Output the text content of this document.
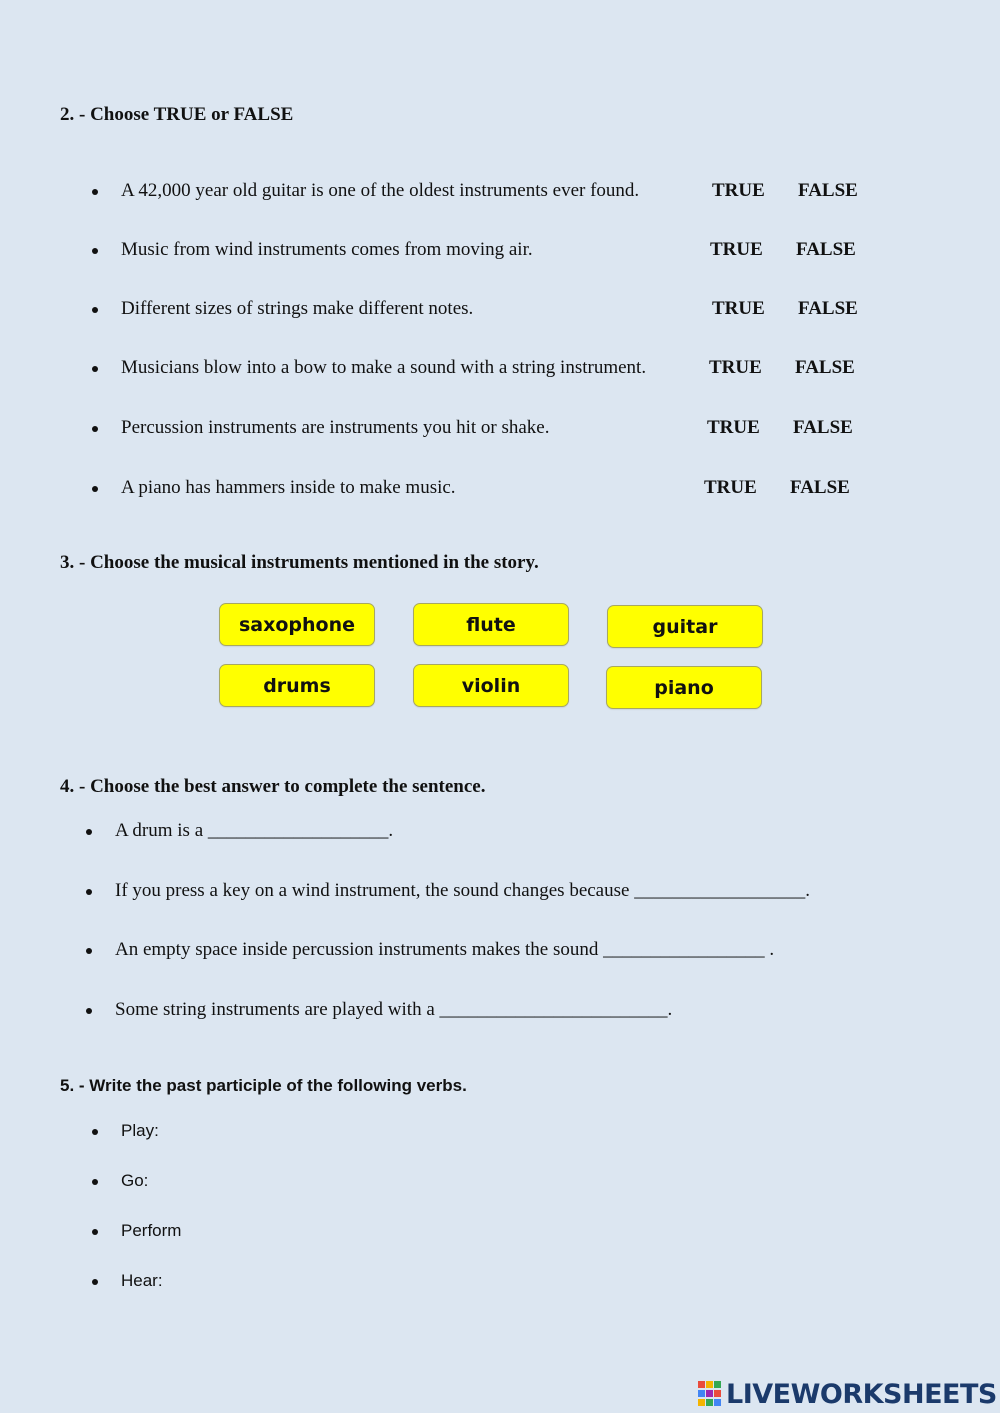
2. - Choose TRUE or FALSE
A 42,000 year old guitar is one of the oldest instruments ever found.	TRUE FALSE
Music from wind instruments comes from moving air.	TRUE FALSE
Different sizes of strings make different notes.	TRUE FALSE
Musicians blow into a bow to make a sound with a string instrument.	TRUE FALSE
Percussion instruments are instruments you hit or shake.	TRUE FALSE
A piano has hammers inside to make music.	TRUE FALSE
3. - Choose the musical instruments mentioned in the story.
saxophone	flute	guitar
drums	violin	piano
4. - Choose the best answer to complete the sentence.
A drum is a ___________________.
If you press a key on a wind instrument, the sound changes because __________________.
An empty space inside percussion instruments makes the sound _________________ .
Some string instruments are played with a ________________________.
5. - Write the past participle of the following verbs.
Play:
Go:
Perform
Hear:
LIVEWORKSHEETS
